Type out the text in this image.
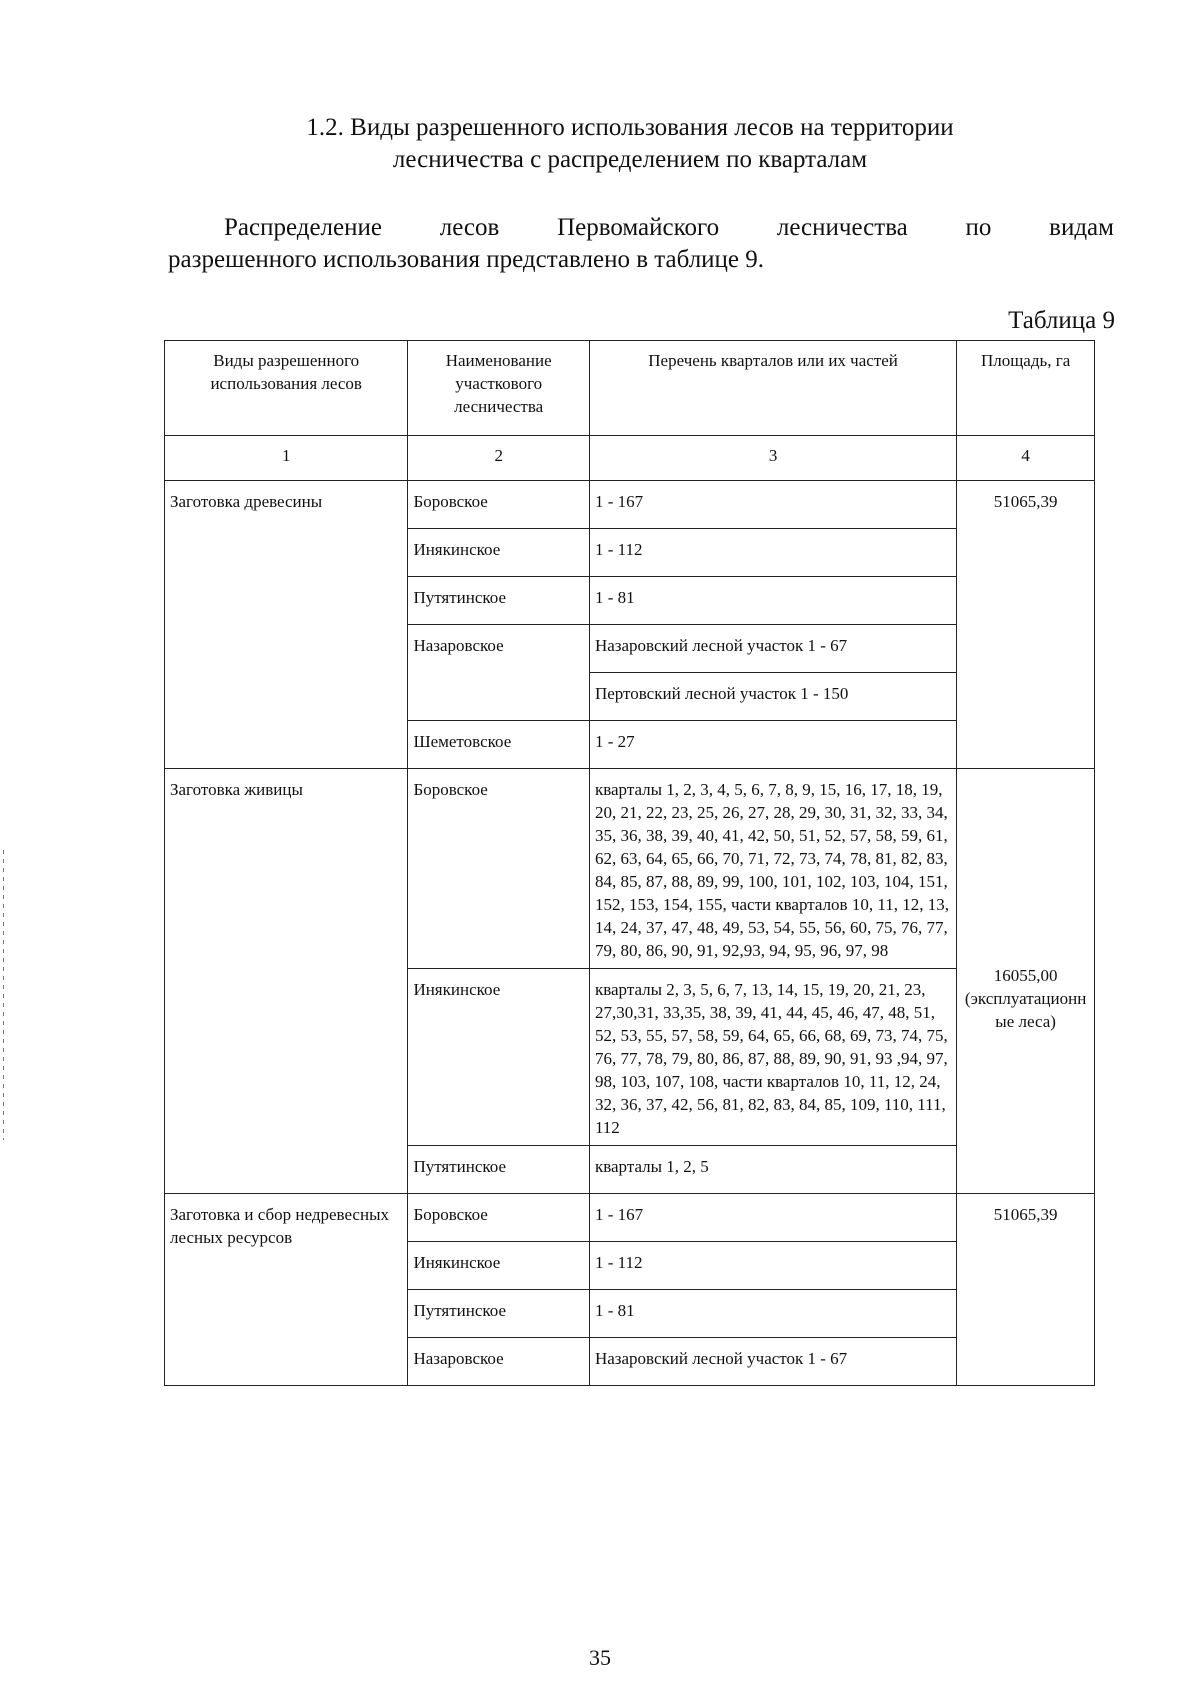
1.2. Виды разрешенного использования лесов на территории
лесничества с распределением по кварталам
Распределение лесов Первомайского лесничества по видам
разрешенного использования представлено в таблице 9.
Таблица 9
Виды разрешенного использования лесов	Наименование участкового лесничества	Перечень кварталов или их частей	Площадь, га
1	2	3	4
Заготовка древесины	Боровское	1 - 167	51065,39
	Инякинское	1 - 112	
	Путятинское	1 - 81	
	Назаровское	Назаровский лесной участок 1 - 67	
		Пертовский лесной участок 1 - 150	
	Шеметовское	1 - 27	
Заготовка живицы	Боровское	кварталы 1, 2, 3, 4, 5, 6, 7, 8, 9, 15, 16, 17, 18, 19, 20, 21, 22, 23, 25, 26, 27, 28, 29, 30, 31, 32, 33, 34, 35, 36, 38, 39, 40, 41, 42, 50, 51, 52, 57, 58, 59, 61, 62, 63, 64, 65, 66, 70, 71, 72, 73, 74, 78, 81, 82, 83, 84, 85, 87, 88, 89, 99, 100, 101, 102, 103, 104, 151, 152, 153, 154, 155, части кварталов 10, 11, 12, 13, 14, 24, 37, 47, 48, 49, 53, 54, 55, 56, 60, 75, 76, 77, 79, 80, 86, 90, 91, 92,93, 94, 95, 96, 97, 98	16055,00 (эксплуатационные леса)
	Инякинское	кварталы 2, 3, 5, 6, 7, 13, 14, 15, 19, 20, 21, 23, 27,30,31, 33,35, 38, 39, 41, 44, 45, 46, 47, 48, 51, 52, 53, 55, 57, 58, 59, 64, 65, 66, 68, 69, 73, 74, 75, 76, 77, 78, 79, 80, 86, 87, 88, 89, 90, 91, 93 ,94, 97, 98, 103, 107, 108, части кварталов 10, 11, 12, 24, 32, 36, 37, 42, 56, 81, 82, 83, 84, 85, 109, 110, 111, 112	
	Путятинское	кварталы 1, 2, 5	
Заготовка и сбор недревесных лесных ресурсов	Боровское	1 - 167	51065,39
	Инякинское	1 - 112	
	Путятинское	1 - 81	
	Назаровское	Назаровский лесной участок 1 - 67	
35
